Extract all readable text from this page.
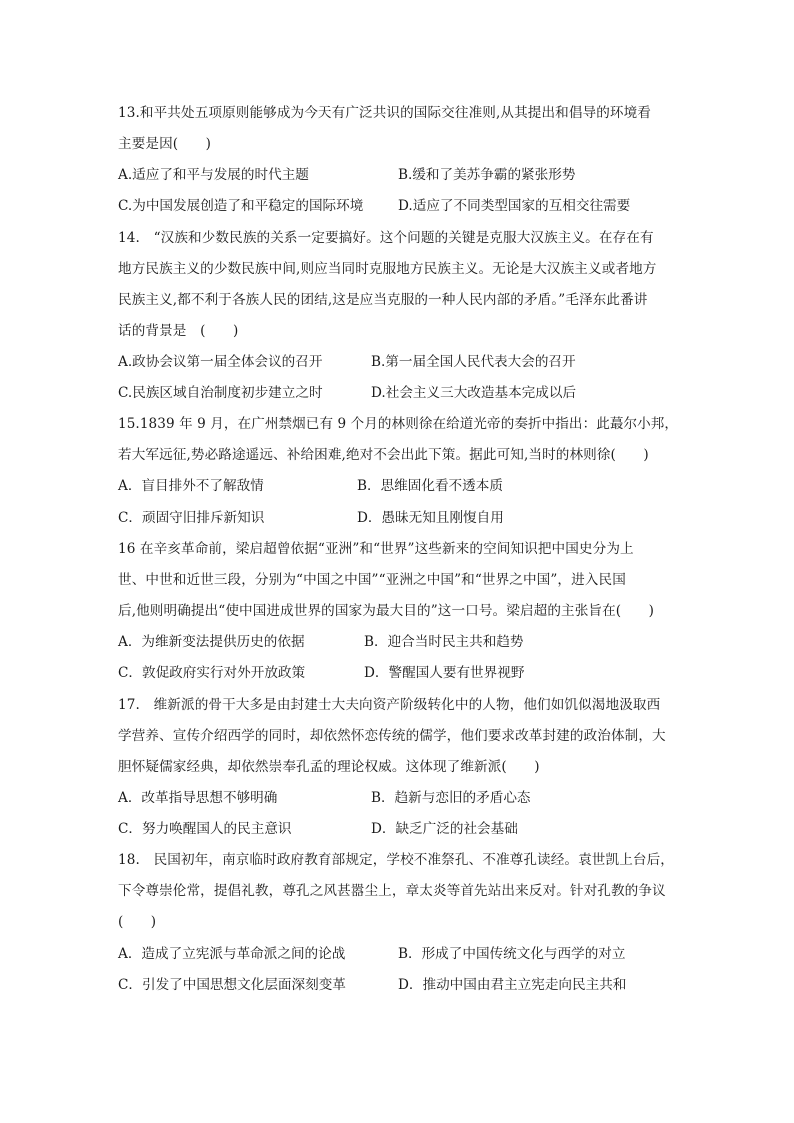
13.和平共处五项原则能够成为今天有广泛共识的国际交往准则,从其提出和倡导的环境看
主要是因(　　)
A.适应了和平与发展的时代主题	B.缓和了美苏争霸的紧张形势
C.为中国发展创造了和平稳定的国际环境	D.适应了不同类型国家的互相交往需要
14.　“汉族和少数民族的关系一定要搞好。这个问题的关键是克服大汉族主义。在存在有
地方民族主义的少数民族中间,则应当同时克服地方民族主义。无论是大汉族主义或者地方
民族主义,都不利于各族人民的团结,这是应当克服的一种人民内部的矛盾。”毛泽东此番讲
话的背景是　(　　)
A.政协会议第一届全体会议的召开	B.第一届全国人民代表大会的召开
C.民族区域自治制度初步建立之时	D.社会主义三大改造基本完成以后
15.1839 年 9 月，在广州禁烟已有 9 个月的林则徐在给道光帝的奏折中指出：此蕞尔小邦，
若大军远征,势必路途遥远、补给困难,绝对不会出此下策。据此可知,当时的林则徐(　　)
A．盲目排外不了解敌情	B．思维固化看不透本质
C．顽固守旧排斥新知识	D．愚昧无知且刚愎自用
16 在辛亥革命前，梁启超曾依据“亚洲”和“世界”这些新来的空间知识把中国史分为上
世、中世和近世三段，分别为“中国之中国”“亚洲之中国”和“世界之中国”，进入民国
后,他则明确提出“使中国进成世界的国家为最大目的”这一口号。梁启超的主张旨在(　　)
A．为维新变法提供历史的依据	B．迎合当时民主共和趋势
C．敦促政府实行对外开放政策	D．警醒国人要有世界视野
17.　维新派的骨干大多是由封建士大夫向资产阶级转化中的人物，他们如饥似渴地汲取西
学营养、宣传介绍西学的同时，却依然怀恋传统的儒学，他们要求改革封建的政治体制，大
胆怀疑儒家经典，却依然崇奉孔孟的理论权威。这体现了维新派(　　)
A．改革指导思想不够明确	B．趋新与恋旧的矛盾心态
C．努力唤醒国人的民主意识	D．缺乏广泛的社会基础
18.　民国初年，南京临时政府教育部规定，学校不准祭孔、不准尊孔读经。袁世凯上台后，
下令尊崇伦常，提倡礼教，尊孔之风甚嚣尘上，章太炎等首先站出来反对。针对孔教的争议
(　　)
A．造成了立宪派与革命派之间的论战	B．形成了中国传统文化与西学的对立
C．引发了中国思想文化层面深刻变革	D．推动中国由君主立宪走向民主共和
